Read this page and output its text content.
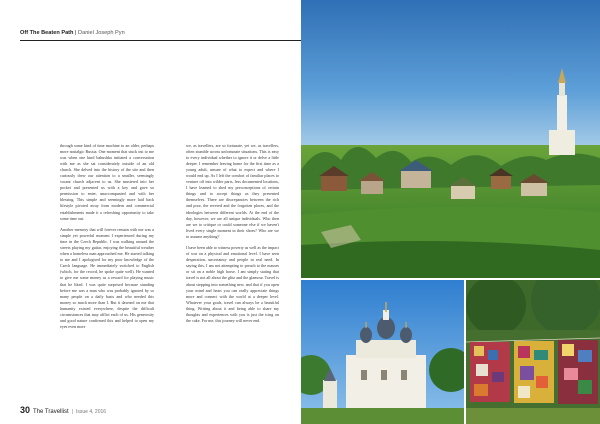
Off The Beaten Path | Daniel Joseph Pyn

through some kind of time machine to an older, perhaps more nostalgic Russia. One moment that stuck out to me was when one kind babushka initiated a conversation with me as she sat considerately outside of an old church. She delved into the history of the site and then curiously drew our attention to a smaller, seemingly vacant church adjacent to us. She mustered into her pocket and presented us with a key and gave us permission to enter, unaccompanied and with her blessing. This simple and seemingly more laid back lifestyle pivoted away from modern and commercial establishments made it a refreshing opportunity to take some time out.

Another memory that will forever remain with me was a simple yet powerful moment I experienced during my time in the Czech Republic. I was walking around the streets playing my guitar, enjoying the beautiful weather when a homeless man approached me. He started talking to me and I apologised for my poor knowledge of the Czech language. He immediately switched to English (which, for the record, he spoke quite well). He wanted to give me some money as a reward for playing music that he liked. I was quite surprised because standing before me was a man who was probably ignored by so many people on a daily basis and who needed this money so much more than I. But it dawned on me that humanity existed everywhere, despite the difficult circumstances that may afflict each of us. His generosity and good nature confirmed this and helped to open my eyes even more

we, as travellers, are so fortunate, yet we, as travellers, often stumble across unfortunate situations. This is easy to every individual whether to ignore it or delve a little deeper. I remember leaving home for the first time as a young adult, unsure of what to expect and where I would end up. As I left the comfort of familiar places to venture off into wilder parts, less documented locations, I have learned to shed my preconceptions of certain things and to accept things as they presented themselves. There are discrepancies between the rich and poor, the revered and the forgotten places, and the ideologies between different worlds. At the end of the day, however, we are all unique individuals. Who then are we to critique or could someone else if we haven't lived every single moment in their shoes? Who are we to assume anything?

I have been able to witness poverty as well as the impact of war on a physical and emotional level. I have seen desperation, uncertainty and people in real need. In saying this, I am not attempting to preach to the masses or sit on a noble high horse. I am simply stating that travel is not all about the glitz and the glamour. Travel is about stepping into something new, and that if you open your mind and heart you can really appreciate things more and connect with the world at a deeper level. Whatever your goals, travel can always be a beautiful thing. Writing about it and being able to share my thoughts and experiences with you is just the icing on the cake. For me, this journey will never end.

30 The Travellist | Issue 4, 2016
